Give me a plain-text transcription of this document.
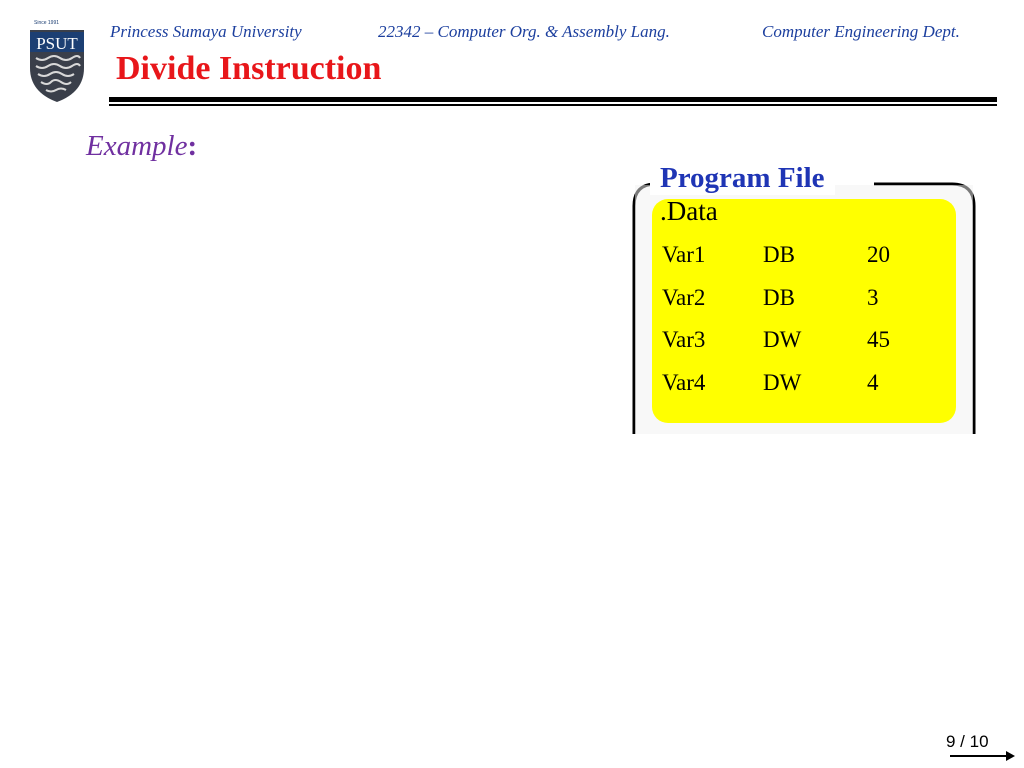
PSUT
Since 1991	Princess Sumaya University	22342 – Computer Org. & Assembly Lang.	Computer Engineering Dept.
Divide Instruction
Example:
Program File
.Data
Var1	DB	20
Var2	DB	3
Var3	DW	45
Var4	DW	4
9 / 10
